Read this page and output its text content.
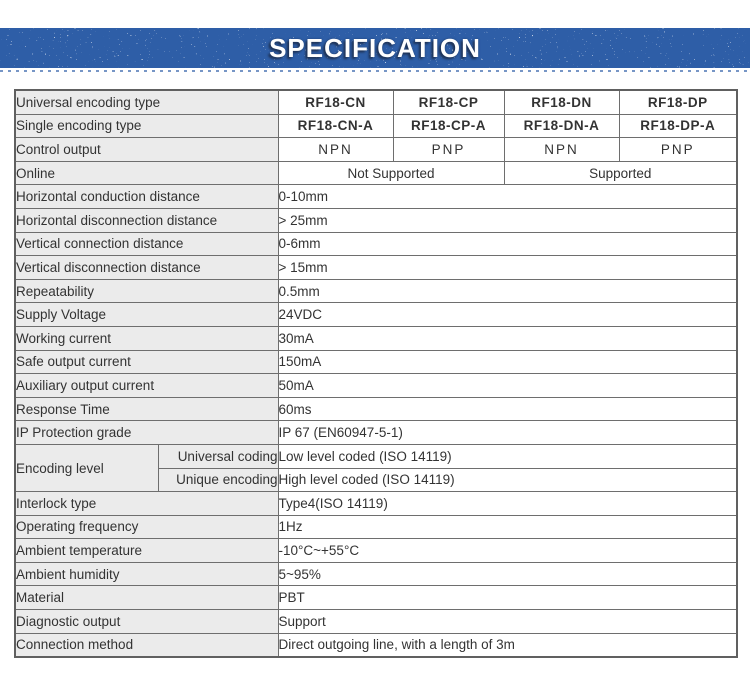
SPECIFICATION
Universal encoding type		RF18-CN	RF18-CP	RF18-DN	RF18-DP
Single encoding type		RF18-CN-A	RF18-CP-A	RF18-DN-A	RF18-DP-A
Control output		NPN	PNP	NPN	PNP
Online		Not Supported		Supported	
Horizontal conduction distance		0-10mm			
Horizontal disconnection distance		> 25mm			
Vertical connection distance		0-6mm			
Vertical disconnection distance		> 15mm			
Repeatability		0.5mm			
Supply Voltage		24VDC			
Working current		30mA			
Safe output current		150mA			
Auxiliary output current		50mA			
Response Time		60ms			
IP Protection grade		IP 67 (EN60947-5-1)			
Encoding level	Universal coding	Low level coded (ISO 14119)			
	Unique encoding	High level coded (ISO 14119)			
Interlock type		Type4(ISO 14119)			
Operating frequency		1Hz			
Ambient temperature		-10°C~+55°C			
Ambient humidity		5~95%			
Material		PBT			
Diagnostic output		Support			
Connection method		Direct outgoing line, with a length of 3m			
